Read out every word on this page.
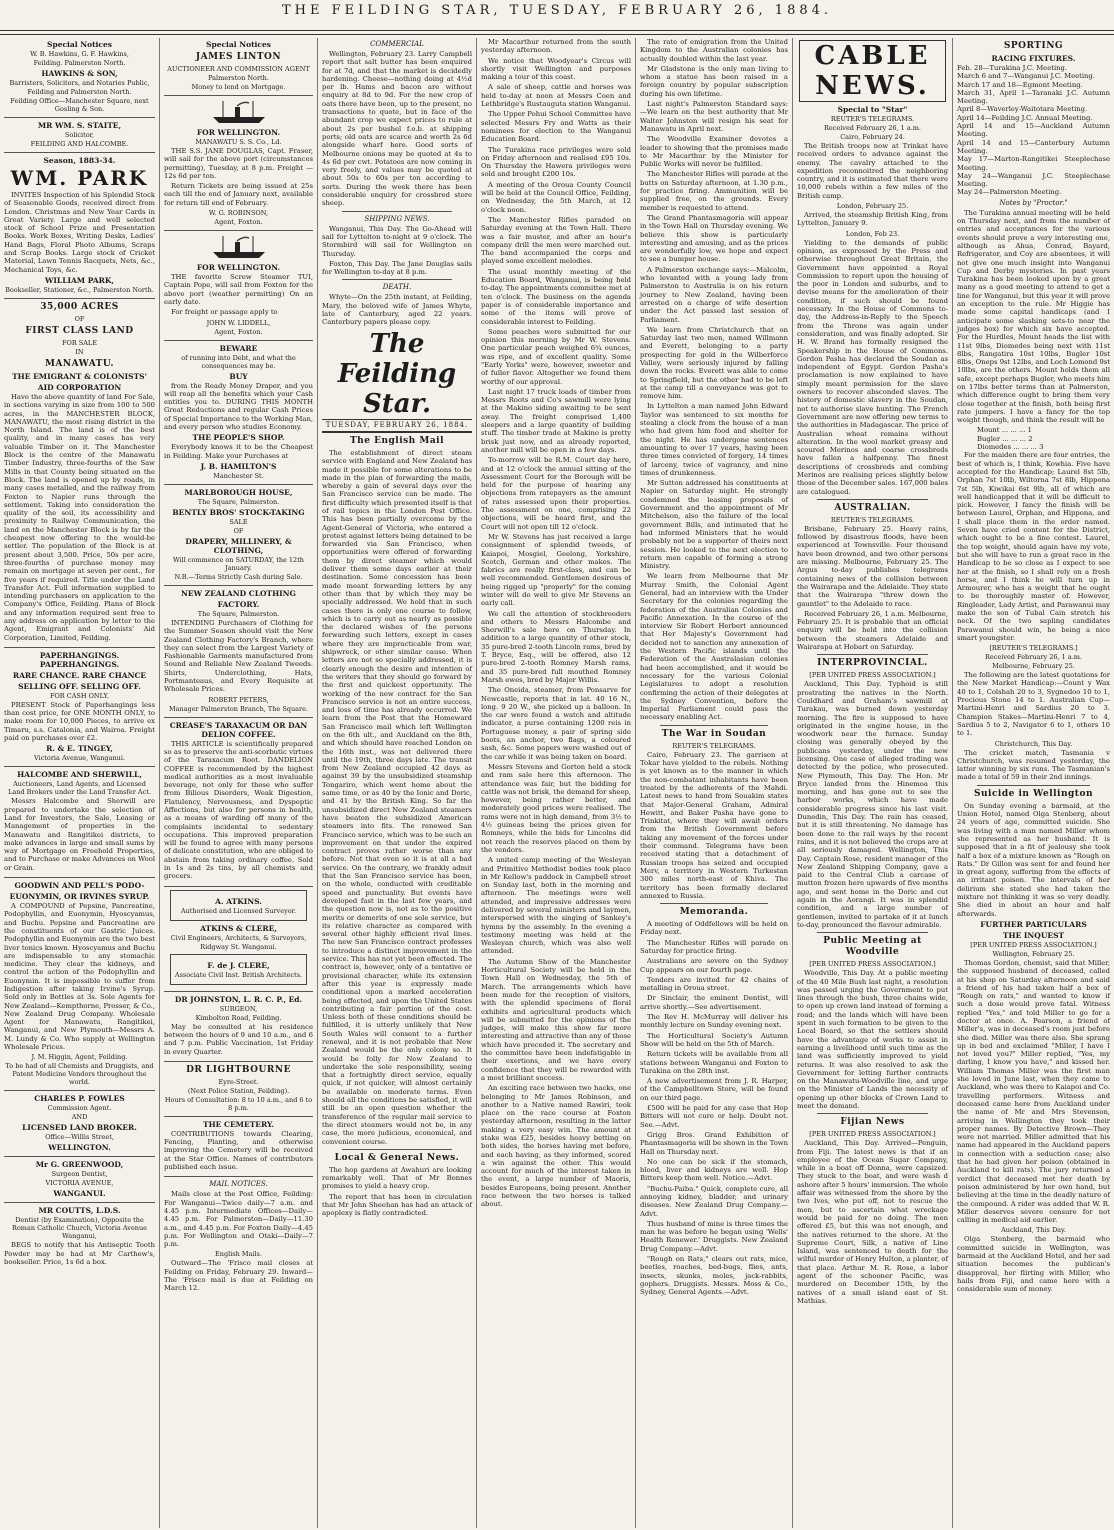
THE FEILDING STAR, TUESDAY, FEBRUARY 26, 1884.
Special Notices
W. B. Hawkins, G. F. Hawkins,
Feilding. Palmerston North.
HAWKINS & SON,
Barristers, Solicitors, and Notaries Public,
Feilding and Palmerston North.
Feilding Office—Manchester Square, next Gosling & Son.
MR WM. S. STAITE,
Solicitor,
FEILDING AND HALCOMBE.
Season, 1883-34.
WM. PARK
INVITES Inspection of his Splendid Stock of Seasonable Goods, received direct from London. Christmas and New Year Cards in Great Variety. Large and well selected stock of School Prize and Presentation Books. Work Boxes, Writing Desks, Ladies' Hand Bags, Floral Photo Albums, Scraps and Scrap Books. Large stock of Cricket Material, Lawn Tennis Racquets, Nets, &c., Mechanical Toys, &c.
WILLIAM PARK,
Bookseller, Stationer, &c., Palmerston North.
35,000 ACRES
OF
FIRST CLASS LAND
FOR SALE
IN
MANAWATU.
THE EMIGRANT & COLONISTS'
AID CORPORATION
Have the above quantity of land For Sale, in sections varying in size from 100 to 500 acres, in the MANCHESTER BLOCK, MANAWATU, the most rising district in the North Island. The land is of the best quality, and in many cases has very valuable Timber on it. The Manchester Block is the centre of the Manawatu Timber Industry, three-fourths of the Saw Mills in that County being situated on the Block. The land is opened up by roads, in many cases metalled, and the railway from Foxton to Napier runs through the settlement. Taking into consideration the quality of the soil, its accessibility and proximity to Railway Communication, the land on the Manchester Block is by far the cheapest now offering to the would-be settler. The population of the Block is at present about 3,500. Price, 50s per acre, three-fourths of purchase money may remain on mortgage at seven per cent., for five years if required. Title under the Land Transfer Act. Full information supplied to intending purchasers on application to the Company's Office, Feilding. Plans of Block and any information required sent free to any address on application by letter to the Agent, Emigrant and Colonists' Aid Corporation, Limited, Feilding.
PAPERHANGINGS. PAPERHANGINGS.
RARE CHANCE. RARE CHANCE
SELLING OFF. SELLING OFF.
FOR CASH ONLY.
PRESENT Stock of Paperhangings less than cost price, for ONE MONTH ONLY, to make room for 10,000 Pieces, to arrive ex Timaru, s.s. Catalonia, and Wairoa. Freight paid on purchases over £2.
R. & E. TINGEY,
Victoria Avenue, Wanganui.
HALCOMBE AND SHERWILL,
Auctioneers, Land Agents, and Licensed Land Brokers under the Land Transfer Act.
Messrs Halcombe and Sherwill are prepared to undertake the selection of Land for Investors, the Sale, Leasing or Management of properties in the Manawatu and Rangitikei districts, to make advances in large and small sums by way of Mortgage on Freehold Properties, and to Purchase or make Advances on Wool or Grain.
GOODWIN AND PELL'S PODO-
EUONYMIN, OR IRVINES SYRUP.
A COMPOUND of Pepsine, Pancreatine, Podophyllin, and Euonymin, Hyoscyamus, and Buchu. Pepsine and Pancreatine are the constituents of our Gastric Juices. Podophyllin and Euonymin are the two best liver tonics known. Hyoscyamus and Buchu are indispensable to any stomachic medicine. They clear the kidneys, and control the action of the Podophyllin and Euonymin. It is impossible to suffer from Indigestion after taking Irvine's Syrup. Sold only in Bottles at 3s. Sole Agents for New Zealand—Kempthorne, Prosser, & Co., New Zealand Drug Company. Wholesale Agent for Manawatu, Rangitikei, Wanganui, and New Plymouth—Messrs A. M. Lundy & Co. Who supply at Wellington Wholesale Prices.
J. M. Higgin, Agent, Feilding.
To be had of all Chemists and Druggists, and Patent Medicine Vendors throughout the world.
CHARLES P. FOWLES
Commission Agent.
AND
LICENSED LAND BROKER.
Office—Willis Street,
WELLINGTON.
Mr G. GREENWOOD,
Surgeon Dentist,
VICTORIA AVENUE,
WANGANUI.
MR COUTTS, L.D.S.
Dentist (by Examination), Opposite the Roman Catholic Church, Victoria Avenue Wanganui,
BEGS to notify that his Antiseptic Tooth Powder may be had at Mr Carthew's, bookseller. Price, 1s 6d a box.
Special Notices
JAMES LINTON
AUCTIONEER AND COMMISSION AGENT
Palmerston North.
Money to lend on Mortgage.
FOR WELLINGTON.
MANAWATU S. S. Co., Ld.
THE S.S. JANE DOUGLAS, Capt. Fraser, will sail for the above port (circumstances permitting), Tuesday, at 8 p.m. Freight —12s 6d per ton.
Return Tickets are being issued at 25s each till the end of January next, available for return till end of February.
W. G. ROBINSON,
Agent, Foxton.
FOR WELLINGTON.
THE favorite Screw Steamer TUI, Captain Pope, will sail from Foxton for the above port (weather permitting) On an early date.
For freight or passage apply to
JOHN W. LIDDELL,
Agent, Foxton.
BEWARE
of running into Debt, and what the consequences may be.
BUY
from the Ready Money Draper, and you will reap all the benefits which your Cash entitles you to. DURING THIS MONTH Great Reductions and regular Cash Prices of Special Importance to the Working Man, and every person who studies Economy.
THE PEOPLE'S SHOP.
Everybody knows it to be the Cheapest in Feilding. Make your Purchases at
J. B. HAMILTON'S
Manchester St.
MARLBOROUGH HOUSE,
The Square, Palmerston.
BENTLY BROS' STOCK-TAKING
SALE
OF
DRAPERY, MILLINERY, & CLOTHING,
Will commence on SATURDAY, the 12th January.
N.B.—Terms Strictly Cash during Sale.
NEW ZEALAND CLOTHING
FACTORY.
The Square, Palmerston.
INTENDING Purchasers of Clothing for the Summer Season should visit the New Zealand Clothing Factory's Branch, where they can select from the Largest Variety of Fashionable Garments manufactured from Sound and Reliable New Zealand Tweeds. Shirts, Underclothing, Hats, Portmanteaus, and Every Requisite at Wholesale Prices.
ROBERT PETERS,
Manager Palmerston Branch, The Square.
CREASE'S TARAXACUM OR DAN DELION COFFEE.
THIS ARTICLE is scientifically prepared so as to preserve the anti-scorbutic virtues of the Taraxacum Root. DANDELION COFFEE is recommended by the highest medical authorities as a most invaluable beverage, not only for those who suffer from Bilious Disorders, Weak Digestion, Flatulency, Nervousness, and Dyspeptic Affections, but also for persons in health, as a means of warding off many of the complaints incidental to sedentary occupations. This improved preparation will be found to agree with many persons of delicate constitution, who are obliged to abstain from taking ordinary coffee. Sold in 1s and 2s tins, by all chemists and grocers.
A. ATKINS.
Authorised and Licensed Surveyor.
ATKINS & CLERE,
Civil Engineers, Architects, & Surveyors,
Ridgway St. Wanganui.
F. de J. CLERE,
Associate Civil Inst. British Architects.
DR JOHNSTON, L. R. C. P., Ed.
SURGEON,
Kimbolton Road, Feilding.
May be consulted at his residence between the hours of 9 and 10 a.m., and 6 and 7 p.m. Public Vaccination, 1st Friday in every Quarter.
DR LIGHTBOURNE
Eyre-Street.
(Next Police Station, Feilding).
Hours of Consultation: 8 to 10 a.m., and 6 to 8 p.m.
THE CEMETERY.
CONTRIBUTIONS towards Clearing, Fencing, Planting, and otherwise improving the Cemetery will be received at the Star Office. Names of contributors published each issue.
MAIL NOTICES.
Mails close at the Post Office, Feilding: For Wanganui—Twice daily—7 a.m. and 4.45 p.m. Intermediate Offices—Daily—4.45 p.m. For Palmerston—Daily—11.30 a.m., and 4.45 p.m. For Foxton Daily—4.45 p.m. For Wellington and Otaki—Daily—7 p.m.
English Mails.
Outward—The 'Frisco mail closes at Feilding on Friday, February 29. Inward—The 'Frisco mail is due at Feilding on March 12.
COMMERCIAL
Wellington, February 23. Larry Campbell report that salt butter has been enquired for at 7d, and that the market is decidedly hardening. Cheese—nothing doing at 4½d per lb. Hams and bacon are without enquiry at 8d to 9d. For the new crop of oats there have been, up to the present, no transactions to quote, but in face of the abundant crop we expect prices to rule at about 2s per bushel f.o.b. at shipping ports; old oats are scarce and worth 2s 6d alongside wharf here. Good sorts of Melbourne onions may be quoted at 4s to 4s 6d per cwt. Potatoes are now coming in very freely, and values may be quoted at about 50s to 60s per ton according to sorts. During the week there has been considerable enquiry for crossbred store sheep.
SHIPPING NEWS.
Wanganui, This Day. The Go-Ahead will sail for Lyttelton to-night at 9 o'clock. The Stormbird will sail for Wellington on Thursday.
Foxton, This Day. The Jane Douglas sails for Wellington to-day at 8 p.m.
DEATH.
Whyte—On the 25th instant, at Feilding, Mary, the beloved wife of James Whyte, late of Canterbury, aged 22 years. Canterbury papers please copy.
The Feilding Star.
TUESDAY, FEBRUARY 26, 1884.
The English Mail
The establishment of direct steam service with England and New Zealand has made it possible for some alterations to be made in the plan of forwarding the mails, whereby a gain of several days over the San Francisco service can be made. The first difficulty which presented itself is that of rail topics in the London Post Office. This has been partially overcome by the Agent-General of Victoria, who entered a protest against letters being detained to be forwarded via San Francisco, when opportunities were offered of forwarding them by direct steamer which would deliver them some days earlier at their destination. Some concession has been made meant forwarding letters by any other than that by which they may be specially addressed. We hold that in such cases there is only one course to follow, which is to carry out as nearly as possible the declared wishes of the persons forwarding such letters, except in cases where they are impracticable from war, shipwreck, or other similar cause. When letters are not so specially addressed, it is clearly enough the desire and intention of the writers that they should go forward by the first and quickest opportunity. The working of the new contract for the San Francisco service is not an entire success, and loss of time has already occurred. We learn from the Post that the Homeward San Francisco mail which left Wellington on the 6th ult., and Auckland on the 8th, and which should have reached London on the 16th inst., was not delivered there until the 19th, three days late. The transit from New Zealand occupied 42 days as against 39 by the unsubsidized steamship Tongariro, which went home about the same time, or as 40 by the Ionic and Doric, and 41 by the British King. So far the unsubsidized direct New Zealand steamers have beaten the subsidized American steamers into fits. The renewed San Francisco service, which was to be such an improvement on that under the expired contract proves rather worse than any before. Not that even so it is at all a bad service. On the contrary, we frankly admit that the San Francisco service has been, on the whole, conducted with creditable speed and punctuality. But events have developed fast in the last few years, and the question now is, not as to the positive merits or demerits of one sole service, but its relative character as compared with several other highly efficient rival lines. The new San Francisco contract professes to introduce a distinct improvement in the service. This has not yet been effected. The contract is, however, only of a tentative or provisional character, while its extension after this year is expressly made conditional upon a marked acceleration being effected, and upon the United States contributing a fair portion of the cost. Unless both of these conditions should be fulfilled, it is utterly unlikely that New South Wales will consent to a further renewal, and it is not probable that New Zealand would be the only colony so. It would be folly for New Zealand to undertake the sole responsibility, seeing that a fortnightly direct service, equally quick, if not quicker, will almost certainly be available on moderate terms. Even should all the conditions be satisfied, it will still be an open question whether the transference of the regular mail service to the direct steamers would not be, in any case, the more judicious, economical, and convenient course.
Local & General News.
The hop gardens at Awahuri are looking remarkably well. That of Mr Bonnes promises to yield a heavy crop.
The report that has been in circulation that Mr John Sheehan has had an attack of apoplexy is flatly contradicted.
Mr Macarthur returned from the south yesterday afternoon.
We notice that Woodyear's Circus will shortly visit Wellington and purposes making a tour of this coast.
A sale of sheep, cattle and horses was held to-day at noon at Messrs Coen and Lethbridge's Rustauguta station Wanganui.
The Upper Pohui School Committee have selected Messrs Fry and Watts as their nominees for election to the Wanganui Education Board.
The Turakina race privileges were sold on Friday afternoon and realised £95 10s. On Thursday the Hawera privileges were sold and brought £200 10s.
A meeting of the Oroua County Council will be held at the Council Office, Feilding, on Wednesday, the 5th March, at 12 o'clock noon.
The Manchester Rifles paraded on Saturday evening at the Town Hall. There was a fair muster, and after an hour's company drill the men were marched out. The band accompanied the corps and played some excellent melodies.
The usual monthly meeting of the Education Board, Wanganui, is being held to-day. The appointments committee met at ten o'clock. The business on the agenda paper is of considerable importance and some of the items will prove of considerable interest to Feilding.
Some peaches were submitted for our opinion this morning by Mr W. Stevens. One particular peach weighed 6¾ ounces, was ripe, and of excellent quality. Some "Early Yorks" were, however, sweeter and of fuller flavor. Altogether we found them worthy of our approval.
Last night 17 truck loads of timber from Messrs Roots and Co's sawmill were lying at the Makino siding awaiting to be sent away. The freight comprised 1,400 sleepers and a large quantity of building stuff. The timber trade at Makino is pretty brisk just now, and as already reported, another mill will be open in a few days.
To-morrow will be R.M. Court day here, and at 12 o'clock the annual sitting of the Assessment Court for the Borough will be held for the purpose of hearing any objections from ratepayers as the amount of rates assessed upon their properties. The assessment on one, comprising 22 objections, will be heard first, and the Court will not open till 12 o'clock.
Mr W. Stevens has just received a large consignment of splendid tweeds, of Kaiapoi, Mosgiel, Geelong, Yorkshire, Scotch, German and other makes. The fabrics are really first-class, and can be well recommended. Gentlemen desirous of being rigged up "properly" for the coming winter will do well to give Mr Stevens an early call.
We call the attention of stockbreeders and others to Messrs Halcombe and Sherwill's sale here on Thursday. In addition to a large quantity of other stock, 35 pure-bred 2-tooth Lincoln rams, bred by T. Bryce, Esq., will be offered, also 12 pure-bred 2-tooth Romney Marsh rams, and 35 pure-bred full mouthed Romney Marsh ewes, bred by Major Willis.
The Oneida, steamer, from Ponsarve for Newcastle, reports that in lat. 40 16 N., long. 9 20 W., she picked up a balloon. In the car were found a watch and altitude indicator, a purse containing 1200 reis in Portuguese money, a pair of spring side boots, an anchor, two flags, a coloured sash, &c. Some papers were washed out of the car while it was being taken on board.
Messrs Stevens and Gorton held a stock and ram sale here this afternoon. The attendance was fair, but the bidding for cattle was not brisk, the demand for sheep, however, being rather better, and moderately good prices were realised. The rams were not in high demand, from 3½ to 4½ guineas being the prices given for Romneys, while the bids for Lincolns did not reach the reserves placed on them by the vendors.
A united camp meeting of the Wesleyan and Primitive Methodist bodies took place in Mr Kellow's paddock in Campbell street on Sunday last, both in the morning and afternoon. The meetings were well attended, and impressive addresses were delivered by several ministers and laymen, interspersed with the singing of Sankey's hymns by the assembly. In the evening a testimony meeting was held at the Wesleyan church, which was also well attended.
The Autumn Show of the Manchester Horticultural Society will be held in the Town Hall on Wednesday, the 5th of March. The arrangements which have been made for the reception of visitors, with the splendid specimens of floral exhibits and agricultural products which will be submitted for the opinions of the judges, will make this show far more interesting and attractive than any of those which have preceded it. The secretary and the committee have been indefatigable in their exertions, and we have every confidence that they will be rewarded with a most brilliant success.
An exciting race between two hacks, one belonging to Mr James Robinson, and another to a Native named Rawiri, took place on the race course at Foxton yesterday afternoon, resulting in the latter making a very easy win. The amount at stake was £25, besides heavy betting on both sides, the horses having met before, and each having, as they informed, scored a win against the other. This would account for much of the interest taken in the event, a large number of Maoris, besides Europeans, being present. Another race between the two horses is talked about.
The rate of emigration from the United Kingdom to the Australian colonies has actually doubled within the last year.
Mr Gladstone is the only man living to whom a statue has been raised in a foreign country by popular subscription during his own lifetime.
Last night's Palmerston Standard says: —We learn on the best authority that Mr Walter Johnston will resign his seat for Manawatu in April next.
The Woodville Examiner devotes a leader to showing that the promises made to Mr Macarthur by the Minister for Public Works will never be fulfilled.
The Manchester Rifles will parade at the butts on Saturday afternoon, at 1.30 p.m., for practice firing. Ammunition will be supplied free, on the grounds. Every member is requested to attend.
The Grand Phantasmagoria will appear in the Town Hall on Thursday evening. We believe this show is particularly interesting and amusing, and as the prices are wonderfully low, we hope and expect to see a bumper house.
A Palmerston exchange says:—Malcolm, who levanted with a young lady from Palmerston to Australia is on his return journey to New Zealand, having been arrested on a charge of wife desertion under the Act passed last session of Parliament.
We learn from Christchurch that on Saturday last two men, named Willmann and Everett, belonging to a party prospecting for gold in the Wilberforce Valley, were seriously injured by falling down the rocks. Everett was able to come to Springfield, but the other had to be left at the camp till a conveyance was got to remove him.
In Lyttelton a man named John Edward Taylor was sentenced to six months for stealing a clock from the house of a man who had given him food and shelter for the night. He has undergone sentences amounting to over 17 years, having been three times convicted of forgery, 14 times of larceny, twice of vagrancy, and nine times of drunkenness.
Mr Sutton addressed his constituents at Napier on Saturday night. He strongly condemned the leasing proposals of Government and the appointment of Mr Mitchelson, also the failure of the local government Bills, and intimated that he had informed Ministers that he would probably not be a supporter of theirs next session. He looked to the next election to return men capable of forming a strong Ministry.
We learn from Melbourne that Mr Murray Smith, the Colonial Agent General, had an interview with the Under Secretary for the colonies regarding the federation of the Australian Colonies and Pacific Annexation. In the course of the interview Sir Robert Herbert announced that Her Majesty's Government had decided not to sanction any annexation of the Western Pacific islands until the Federation of the Australasian colonies had been accomplished, and it would be necessary for the various Colonial Legislatures to adopt a resolution confirming the action of their delegates at the Sydney Convention, before the Imperial Parliament could pass the necessary enabling Act.
The War in Soudan
REUTER'S TELEGRAMS.
Cairo, February 23. The garrison at Tokar have yielded to the rebels. Nothing is yet known as to the manner in which the non-combatant inhabitants have been treated by the adherents of the Mahdi. Latest news to hand from Souakim states that Major-General Graham, Admiral Hewitt, and Baker Pasha have gone to Trinkitat, where they will await orders from the British Government before taking any movement of the forces under their command. Telegrams have been received stating that a detachment of Russian troops has seized and occupied Merv, a territory in Western Turkestan 300 miles north-east of Khiva. The territory has been formally declared annexed to Russia.
Memoranda.
A meeting of Oddfellows will be held on Friday next.
The Manchester Rifles will parade on Saturday for practice firing.
Australians are severe on the Sydney Cup appears on our fourth page.
Tenders are invited for 42 chains of metalling in Oroua street.
Dr Sinclair, the eminent Dentist, will arrive shortly.—See advertisement.
The Rev H. McMurray will deliver his monthly lecture on Sunday evening next.
The Horticultural Society's Autumn Show will be held on the 5th of March.
Return tickets will be available from all stations between Wanganui and Foxton to Turakina on the 28th inst.
A new advertisement from J. R. Harper, of the Campbelltown Store, will be found on our third page.
£500 will be paid for any case that Hop Bitters will not cure or help. Doubt not. See.—Advt.
Grigg Bros. Grand Exhibition of Phantasmagoria will be shown in the Town Hall on Thursday next.
No one can be sick if the stomach, blood, liver and kidneys are well. Hop Bitters keep them well. Notice.—Advt.
"Buchu-Paiba." Quick, complete cure, all annoying kidney, bladder, and urinary diseases. New Zealand Drug Company.—Advt.
Thus husband of mine is three times the man he was before he began using 'Wells' Health Renewer.' Druggists. New Zealand Drug Company.—Advt.
"Rough on Rats," clears out rats, mice, beetles, roaches, bed-bugs, flies, ants, insects, skunks, moles, jack-rabbits, gophers. Druggists. Messrs. Moss & Co., Sydney, General Agents.—Advt.
CABLE NEWS.
Special to "Star"
REUTER'S TELEGRAMS.
Received February 26, 1 a.m.
Cairo, February 24.
The British troops now at Trinkat have received orders to advance against the enemy. The cavalry attached to the expedition reconnoitred the neighboring country, and it is estimated that there were 10,000 rebels within a few miles of the British camp.
London, February 25.
Arrived, the steamship British King, from Lyttelton, January 9.
London, Feb 23.
Yielding to the demands of public opinion, as expressed by the Press and otherwise throughout Great Britain, the Government have appointed a Royal Commission to report upon the housing of the poor in London and suburbs, and to devise means for the amelioration of their condition, if such should be found necessary. In the House of Commons to-day, the Address-in-Reply to the Speech from the Throne was again under consideration, and was finally adopted. Sir H. W. Brand has formally resigned the Speakership in the House of Commons. Gordon Pasha has declared the Soudan as independent of Egypt. Gordon Pasha's proclamation is now explained to have simply meant permission for the slave owners to recover absconded slaves. The history of domestic slavery in the Soudan, not to authorise slave hunting. The French Government are now offering new terms to the authorities in Madagascar. The price of Australian wheat remains without alteration. In the wool market greasy and scoured Merinos and coarse crossbreds have fallen a halfpenny. The finest descriptions of crossbreds and combing Merinos are realising prices slightly below those of the December sales. 167,000 bales are catalogued.
AUSTRALIAN.
REUTER'S TELEGRAMS.
Brisbane, February 25. Heavy rains, followed by disastrous floods, have been experienced at Townsville. Four thousand have been drowned, and two other persons are missing. Melbourne, February 25. The Argus to-day publishes telegrams containing news of the collision between the Wairarapa and the Adelaide. They state that the Wairarapa "threw down the gauntlet" to the Adelaide to race.
Received February 26, 1 a.m. Melbourne, February 25. It is probable that an official enquiry will be held into the collision between the steamers Adelaide and Wairarapa at Hobart on Saturday.
INTERPROVINCIAL.
[PER UNITED PRESS ASSOCIATION.]
Auckland, This Day. Typhoid is still prostrating the natives in the North. Couldhard and Graham's sawmill at Turakau, was burned down yesterday morning. The fire is supposed to have originated in the engine house, in the woodwork near the furnace. Sunday closing was generally obeyed by the publicans yesterday, under the new licensing. One case of alleged trading was detected by the police, who prosecuted. New Plymouth, This Day. The Hon. Mr Bryce landed from the Hinemoa this morning, and has gone out to see the harbor works, which have made considerable progress since his last visit. Dunedin, This Day. The rain has ceased, but it is still threatening. No damage has been done to the rail ways by the recent rains, and it is not believed the crops are at all seriously damaged. Wellington, This Day. Captain Rose, resident manager of the New Zealand Shipping Company, gave a paid to the Central Club a carcase of mutton frozen here upwards of five months ago, and sent home in the Doric and cut again in the Aorangi. It was in splendid condition, and a large number of gentlemen, invited to partake of it at lunch to-day, pronounced the flavour admirable.
Public Meeting at Woodville
[PER UNITED PRESS ASSOCIATION.]
Woodville, This Day. At a public meeting of the 40 Mile Bush last night, a resolution was passed urging the Government to put lines through the bush, three chains wide, to open up crown land instead of forming a road; and the lands which will have been spent in such formation to be given to the Local Board, so that the settlers should have the advantage of works to assist in earning a livelihood until such time as the land was sufficiently improved to yield returns. It was also resolved to ask the Government for letting further contracts on the Manawatu-Woodville line, and urge on the Minister of Lands the necessity of opening up other blocks of Crown Land to meet the demand.
Fijian News
[PER UNITED PRESS ASSOCIATION.]
Auckland, This Day. Arrived—Penguin, from Fiji. The latest news is that if an employee of the Ocean Sugar Company, while in a boat off Donna, were capsized. They stuck to the boat, and were wash d ashore after 5 hours' immersion. The whole affair was witnessed from the shore by the two Ives, who put off, not to rescue the men, but to ascertain what wreckage would be paid for no doing. The men offered £5, but this was not enough, and the natives returned to the shore. At the Supreme Court, Silk, a native of Line Island, was sentenced to death for the wilful murder of Henry Hulton, a planter, of that place. Arthur M. R. Rose, a labor agent of the schooner Pacific, was murdered on December 15th, by the natives of a small island east of St. Mathias.
SPORTING
RACING FIXTURES.
Feb. 28—Turakina J.C. Meeting.
March 6 and 7—Wanganui J.C. Meeting.
March 17 and 18—Egmont Meeting.
March 31, April 1—Taranaki J.C. Autumn Meeting.
April 8—Waverley-Waitotara Meeting.
April 14—Feilding J.C. Annual Meeting.
April 14 and 15—Auckland Autumn Meeting.
April 14 and 15—Canterbury Autumn Meeting.
May 17—Marton-Rangitikei Steeplechase Meeting.
May 24—Wanganui J.C. Steeplechase Meeting.
May 24—Palmerston Meeting.
Notes by "Proctor."
The Turakina annual meeting will be held on Thursday next, and from the number of entries and acceptances for the various events should prove a very interesting one, although as Ahua, Conrad, Bayard, Refrigerator, and Coy are absentees, it will not give one much insight into Wanganui Cup and Derby mysteries. In past years Turakina has been looked upon by a great many as a good meeting to attend to get a line for Wanganui, but this year it will prove an exception to the rule. Mr Higgie has made some capital handicaps (and I anticipate some slashing sets-to near the judges box) for which six have accepted. For the Hurdles, Mount heads the list with 11st 9lbs, Diomedes being next with 11st 8lbs, Rangatira 10st 10lbs, Bugler 10st 8lbs, Oneps 9st 12lbs, and Loch Lomond 9st 10lbs, are the others. Mount holds them all safe, except perhaps Bugler, who meets him on 17lbs better terms than at Palmerston, which difference ought to bring them very close together at the finish, both being first rate jumpers. I have a fancy for the top weight though, and think the result will be
Mount ... ... ... 1
Bugler ... ... ... 2
Diomedes ... ... ... 3
For the maiden there are four entries, the best of which is, I think, Kowhia. Five have accepted for the Handicap; Laurel 8st 5lb, Orphan 7st 10lb, Wiltorna 7st 8lb, Hippona 7st 5lb, Kiwikai 6st 9lb, all of which are well handicapped that it will be difficult to pick. However, I fancy the finish will be between Laurel, Orphan, and Hippona, and I shall place them in the order named. Seven have cried content for the District, which ought to be a fine contest. Laurel, the top weight, should again have my vote, but she will have to run a great race in the Handicap to be so close as I expect to see her at the finish, so I shall rely on a fresh horse, and I think he will turn up in Armourer, who has a weight that he ought to be thoroughly master of. However, Ringleader, Lady Artist, and Parawanui may make the son of Tubal Cain stretch his neck. Of the two sapling candidates Parawanui should win, he being a nice smart youngster.
[REUTER'S TELEGRAMS.]
Received February 26, 1 a.m.
Melbourne, February 25.
The following are the latest quotations for the New Market Handicap:—Count y Wax 40 to 1, Colshah 20 to 3, Sygnedoo 10 to 1, Precious Stone 14 to 1. Australian Cup—Martini-Henri and Sardius 20 to 3. Champion Stakes—Martini-Henri 7 to 4, Sardius 5 to 2, Navigator 6 to 1, others 10 to 1.
Christchurch, This Day.
The cricket match, Tasmania v Christchurch, was resumed yesterday, the latter winning by six runs. The Tasmanian's made a total of 59 in their 2nd innings.
Suicide in Wellington
On Sunday evening a barmaid, at the Union Hotel, named Olga Stenberg, about 24 years of age, committed suicide. She was living with a man named Miller whom she represented as her husband. It is supposed that in a fit of jealousy she took half a box of a mixture known as "Rough on Rats." Dr Gillon was sent for and found her in great agony, suffering from the effects of an irritant poison. The intervals of her delirium she stated she had taken the mixture not thinking it was so very deadly. She died in about an hour and half afterwards.
FURTHER PARTICULARS
THE INQUEST
[PER UNITED PRESS ASSOCIATION.]
Wellington, February 25.
Thomas Gordon, chemist, said that Miller, the supposed husband of deceased, called at his shop on Saturday afternoon and said a friend of his had taken half a box of "Rough on rats," and wanted to know if such a dose would prove fatal. Witness replied "Yes," and told Miller to go for a doctor at once. A. Pearson, a friend of Miller's, was in deceased's room just before she died. Miller was there also. She sprang up in bed and exclaimed "Miller, I have I not loved you?" Miller replied, "Yes, my darling, I know you have," and kissed her. William Thomas Miller was the first man she loved in June last, when they came to Auckland, who was there to Kaiapoi and Co. travelling performers. Witness and deceased came here from Auckland under the name of Mr and Mrs Stevenson, arriving in Wellington they took their proper names. By Detective Brown—They were not married. Miller admitted that his name had appeared in the Auckland papers in connection with a seduction case; also that he had given her poison (obtained in Auckland to kill rats). The jury returned a verdict that deceased met her death by poison administered by her own hand, but believing at the time in the deadly nature of the compound. A rider was added that W. R. Miller deserves severe censure for not calling in medical aid earlier.
Auckland, This Day.
Olga Stenberg, the barmaid who committed suicide in Wellington, was barmaid at the Auckland Hotel, and her sad situation becomes the publican's disapproval, her flirting with Miller, who hails from Fiji, and came here with a considerable sum of money.
